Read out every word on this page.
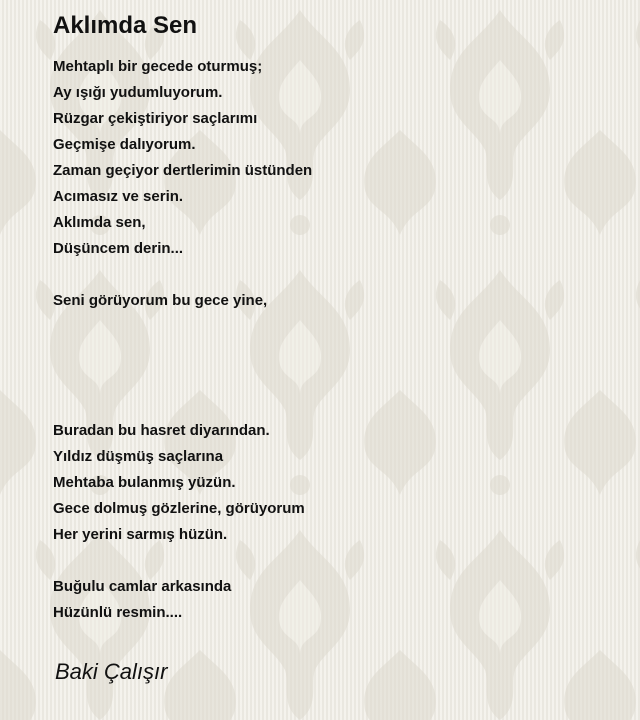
Aklımda Sen
Mehtaplı bir gecede oturmuş;
Ay ışığı yudumluyorum.
Rüzgar çekiştiriyor saçlarımı
Geçmişe dalıyorum.
Zaman geçiyor dertlerimin üstünden
Acımasız ve serin.
Aklımda sen,
Düşüncem derin...
Seni görüyorum bu gece yine,
Buradan bu hasret diyarından.
Yıldız düşmüş saçlarına
Mehtaba bulanmış yüzün.
Gece dolmuş gözlerine, görüyorum
Her yerini sarmış hüzün.
Buğulu camlar arkasında
Hüzünlü resmin....
Baki Çalışır
